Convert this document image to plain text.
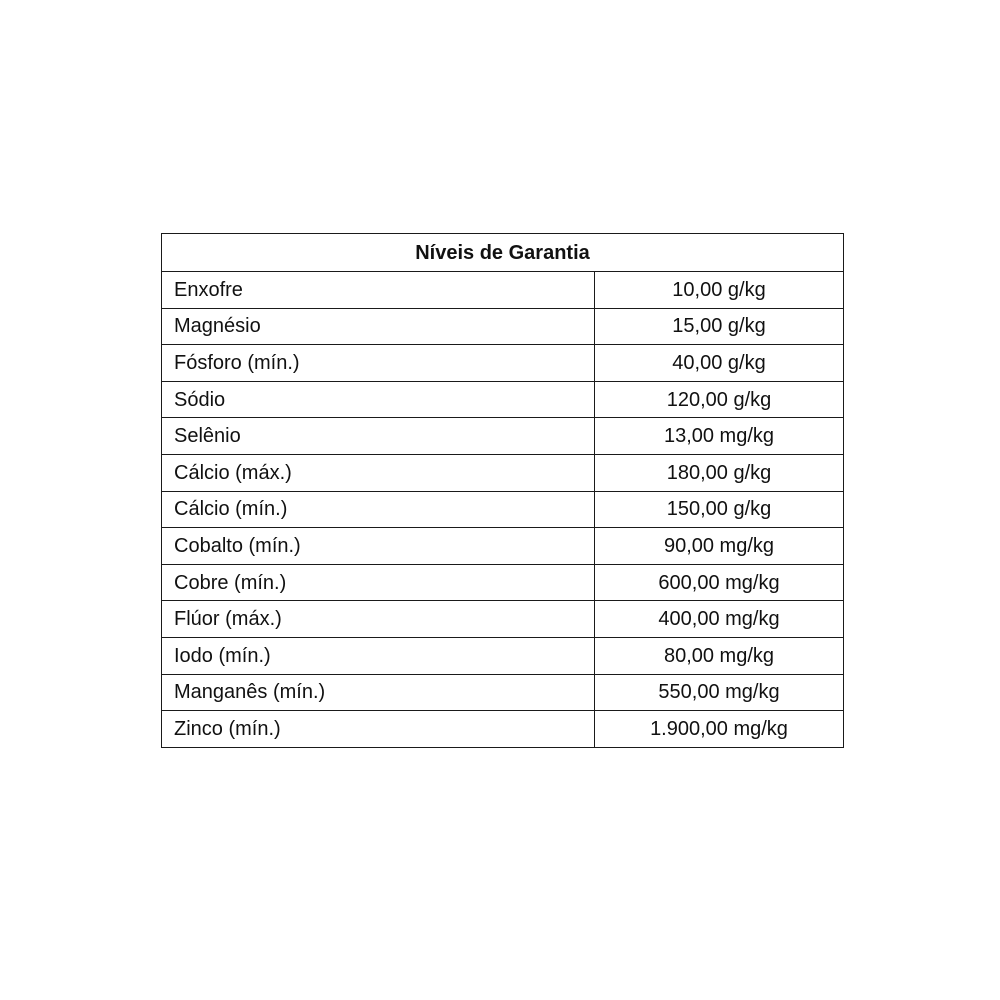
Níveis de Garantia	
Enxofre	10,00 g/kg
Magnésio	15,00 g/kg
Fósforo (mín.)	40,00 g/kg
Sódio	120,00 g/kg
Selênio	13,00 mg/kg
Cálcio (máx.)	180,00 g/kg
Cálcio (mín.)	150,00 g/kg
Cobalto (mín.)	90,00 mg/kg
Cobre (mín.)	600,00 mg/kg
Flúor (máx.)	400,00 mg/kg
Iodo (mín.)	80,00 mg/kg
Manganês (mín.)	550,00 mg/kg
Zinco (mín.)	1.900,00 mg/kg
